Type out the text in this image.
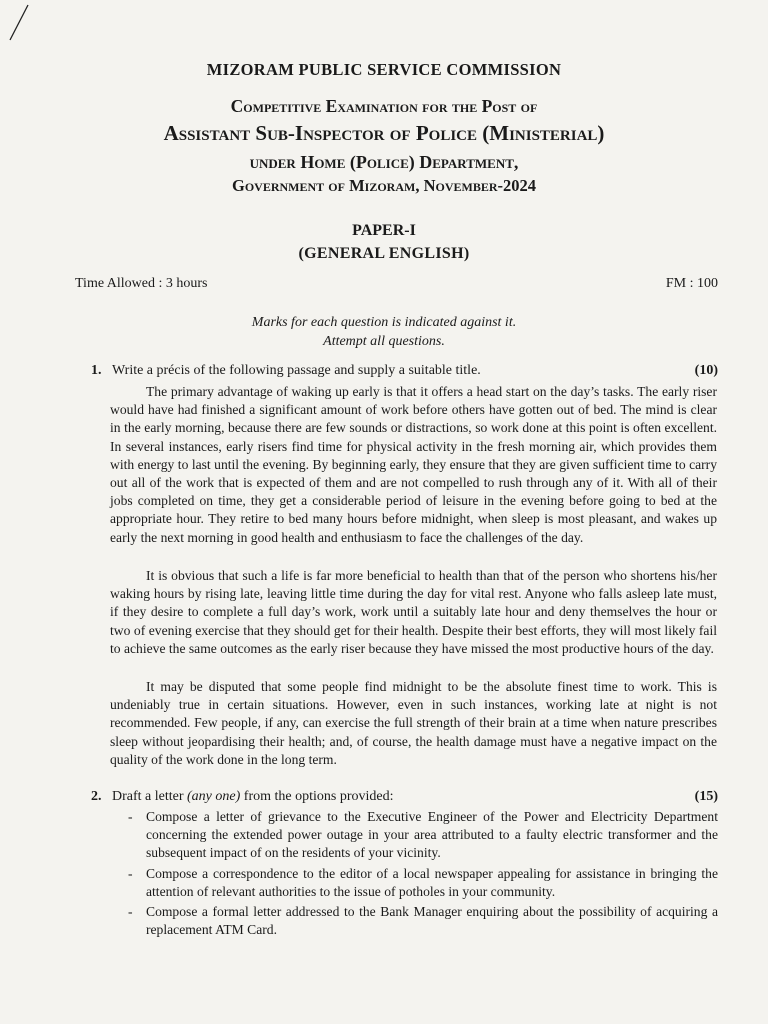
MIZORAM PUBLIC SERVICE COMMISSION
Competitive Examination for the Post of
Assistant Sub-Inspector of Police (Ministerial)
under Home (Police) Department,
Government of Mizoram, November-2024
PAPER-I
(GENERAL ENGLISH)
Time Allowed : 3 hours	FM : 100
Marks for each question is indicated against it.
Attempt all questions.
1. Write a précis of the following passage and supply a suitable title.	(10)

The primary advantage of waking up early is that it offers a head start on the day’s tasks. The early riser would have had finished a significant amount of work before others have gotten out of bed. The mind is clear in the early morning, because there are few sounds or distractions, so work done at this point is often excellent. In several instances, early risers find time for physical activity in the fresh morning air, which provides them with energy to last until the evening. By beginning early, they ensure that they are given sufficient time to carry out all of the work that is expected of them and are not compelled to rush through any of it. With all of their jobs completed on time, they get a considerable period of leisure in the evening before going to bed at the appropriate hour. They retire to bed many hours before midnight, when sleep is most pleasant, and wakes up early the next morning in good health and enthusiasm to face the challenges of the day.

It is obvious that such a life is far more beneficial to health than that of the person who shortens his/her waking hours by rising late, leaving little time during the day for vital rest. Anyone who falls asleep late must, if they desire to complete a full day’s work, work until a suitably late hour and deny themselves the hour or two of evening exercise that they should get for their health. Despite their best efforts, they will most likely fail to achieve the same outcomes as the early riser because they have missed the most productive hours of the day.

It may be disputed that some people find midnight to be the absolute finest time to work. This is undeniably true in certain situations. However, even in such instances, working late at night is not recommended. Few people, if any, can exercise the full strength of their brain at a time when nature prescribes sleep without jeopardising their health; and, of course, the health damage must have a negative impact on the quality of the work done in the long term.

2. Draft a letter (any one) from the options provided:	(15)
- Compose a letter of grievance to the Executive Engineer of the Power and Electricity Department concerning the extended power outage in your area attributed to a faulty electric transformer and the subsequent impact of on the residents of your vicinity.
- Compose a correspondence to the editor of a local newspaper appealing for assistance in bringing the attention of relevant authorities to the issue of potholes in your community.
- Compose a formal letter addressed to the Bank Manager enquiring about the possibility of acquiring a replacement ATM Card.
